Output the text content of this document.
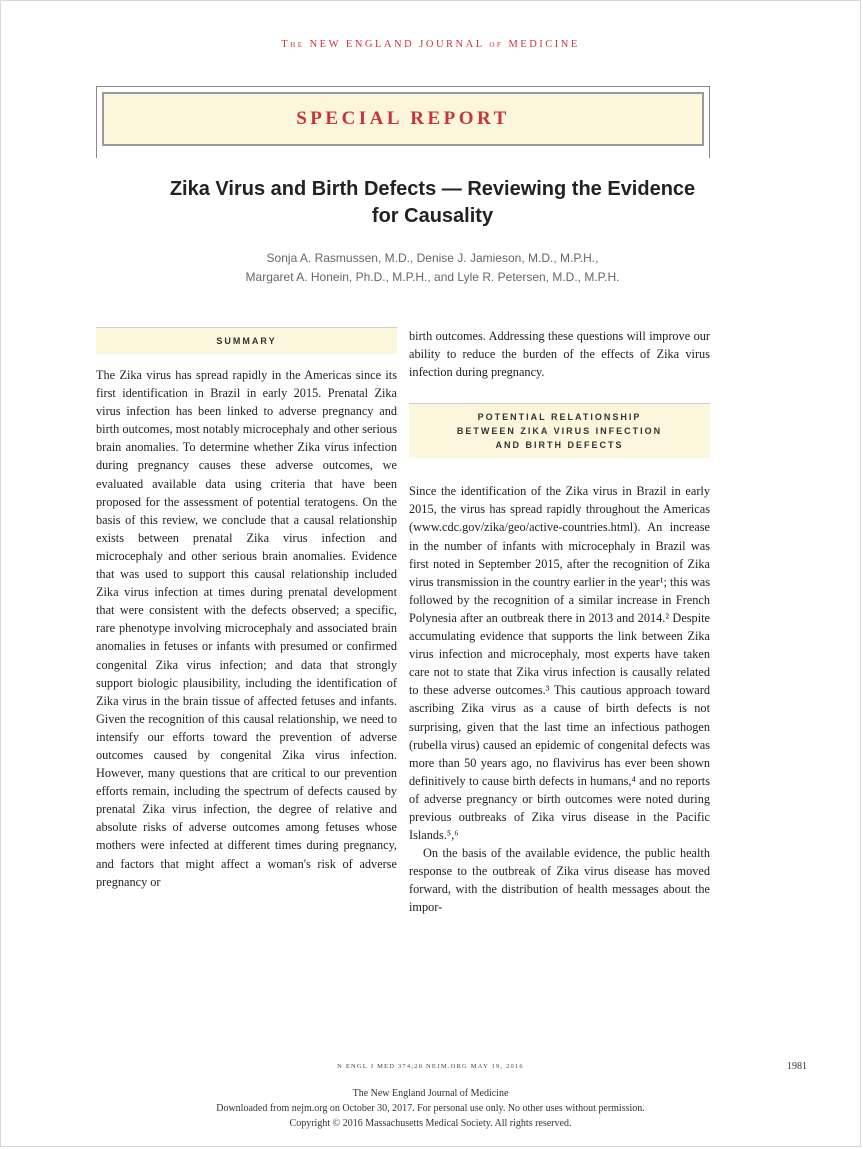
The NEW ENGLAND JOURNAL of MEDICINE
SPECIAL REPORT
Zika Virus and Birth Defects — Reviewing the Evidence
for Causality
Sonja A. Rasmussen, M.D., Denise J. Jamieson, M.D., M.P.H.,
Margaret A. Honein, Ph.D., M.P.H., and Lyle R. Petersen, M.D., M.P.H.
SUMMARY

The Zika virus has spread rapidly in the Americas since its first identification in Brazil in early 2015. Prenatal Zika virus infection has been linked to adverse pregnancy and birth outcomes, most notably microcephaly and other serious brain anomalies. To determine whether Zika virus infection during pregnancy causes these adverse outcomes, we evaluated available data using criteria that have been proposed for the assessment of potential teratogens. On the basis of this review, we conclude that a causal relationship exists between prenatal Zika virus infection and microcephaly and other serious brain anomalies. Evidence that was used to support this causal relationship included Zika virus infection at times during prenatal development that were consistent with the defects observed; a specific, rare phenotype involving microcephaly and associated brain anomalies in fetuses or infants with presumed or confirmed congenital Zika virus infection; and data that strongly support biologic plausibility, including the identification of Zika virus in the brain tissue of affected fetuses and infants. Given the recognition of this causal relationship, we need to intensify our efforts toward the prevention of adverse outcomes caused by congenital Zika virus infection. However, many questions that are critical to our prevention efforts remain, including the spectrum of defects caused by prenatal Zika virus infection, the degree of relative and absolute risks of adverse outcomes among fetuses whose mothers were infected at different times during pregnancy, and factors that might affect a woman's risk of adverse pregnancy or

birth outcomes. Addressing these questions will improve our ability to reduce the burden of the effects of Zika virus infection during pregnancy.

POTENTIAL RELATIONSHIP
BETWEEN ZIKA VIRUS INFECTION
AND BIRTH DEFECTS

Since the identification of the Zika virus in Brazil in early 2015, the virus has spread rapidly throughout the Americas (www.cdc.gov/zika/geo/active-countries.html). An increase in the number of infants with microcephaly in Brazil was first noted in September 2015, after the recognition of Zika virus transmission in the country earlier in the year¹; this was followed by the recognition of a similar increase in French Polynesia after an outbreak there in 2013 and 2014.² Despite accumulating evidence that supports the link between Zika virus infection and microcephaly, most experts have taken care not to state that Zika virus infection is causally related to these adverse outcomes.³ This cautious approach toward ascribing Zika virus as a cause of birth defects is not surprising, given that the last time an infectious pathogen (rubella virus) caused an epidemic of congenital defects was more than 50 years ago, no flavivirus has ever been shown definitively to cause birth defects in humans,⁴ and no reports of adverse pregnancy or birth outcomes were noted during previous outbreaks of Zika virus disease in the Pacific Islands.⁵,⁶

On the basis of the available evidence, the public health response to the outbreak of Zika virus disease has moved forward, with the distribution of health messages about the impor-

N ENGL J MED 374;20 NEJM.ORG MAY 19, 2016	1981
The New England Journal of Medicine
Downloaded from nejm.org on October 30, 2017. For personal use only. No other uses without permission.
Copyright © 2016 Massachusetts Medical Society. All rights reserved.
